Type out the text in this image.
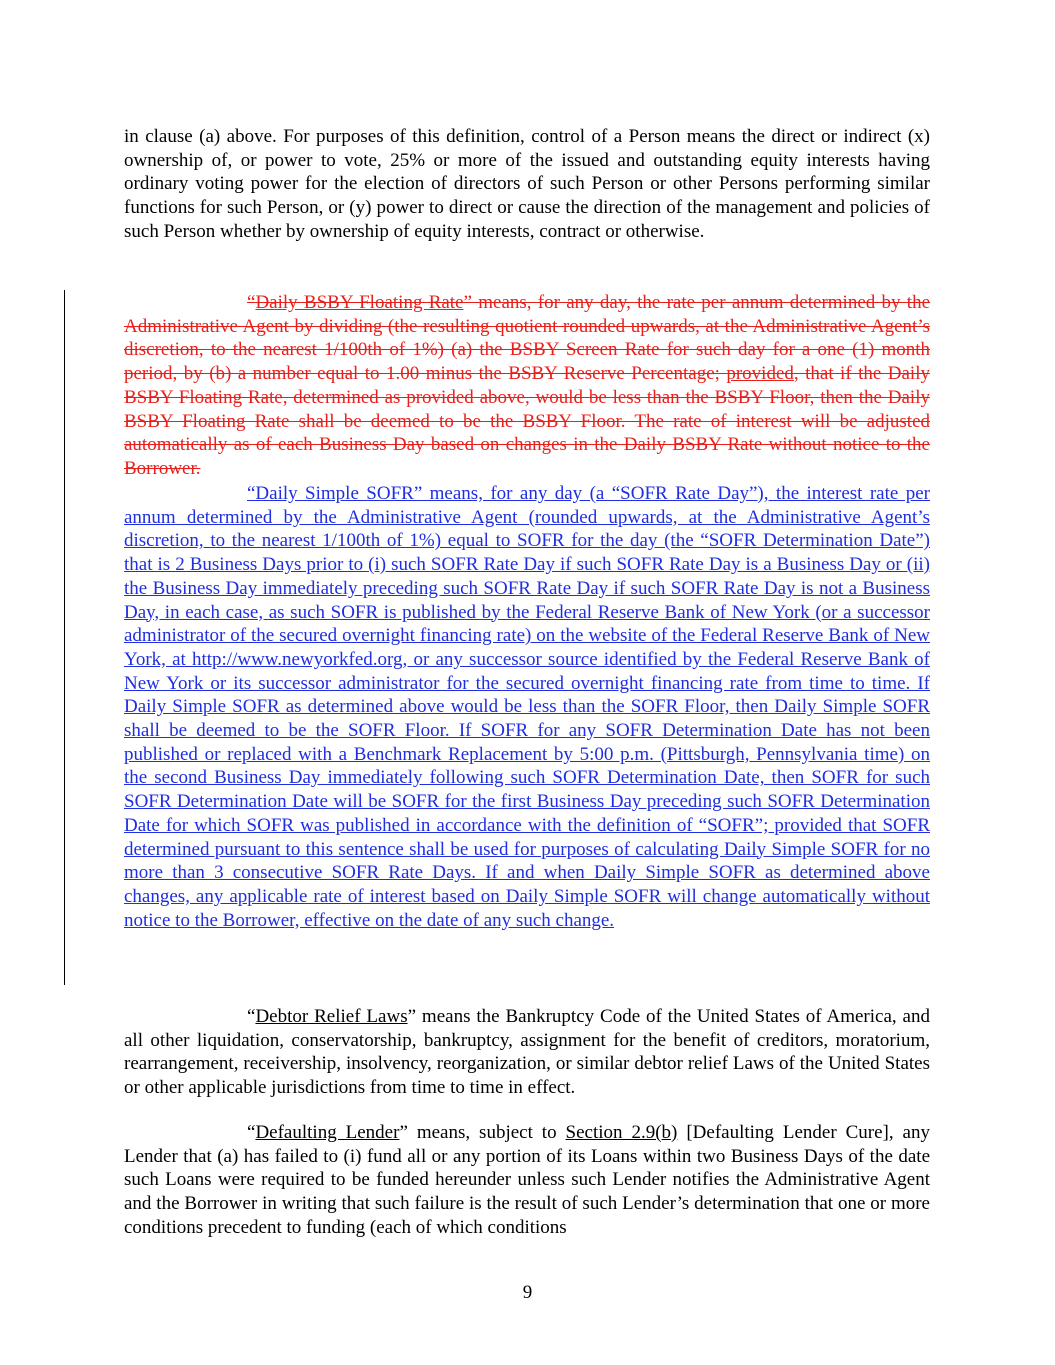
in clause (a) above. For purposes of this definition, control of a Person means the direct or indirect (x) ownership of, or power to vote, 25% or more of the issued and outstanding equity interests having ordinary voting power for the election of directors of such Person or other Persons performing similar functions for such Person, or (y) power to direct or cause the direction of the management and policies of such Person whether by ownership of equity interests, contract or otherwise.

“Daily BSBY Floating Rate” means, for any day, the rate per annum determined by the Administrative Agent by dividing (the resulting quotient rounded upwards, at the Administrative Agent’s discretion, to the nearest 1/100th of 1%) (a) the BSBY Screen Rate for such day for a one (1) month period, by (b) a number equal to 1.00 minus the BSBY Reserve Percentage; provided, that if the Daily BSBY Floating Rate, determined as provided above, would be less than the BSBY Floor, then the Daily BSBY Floating Rate shall be deemed to be the BSBY Floor. The rate of interest will be adjusted automatically as of each Business Day based on changes in the Daily BSBY Rate without notice to the Borrower.

“Daily Simple SOFR” means, for any day (a “SOFR Rate Day”), the interest rate per annum determined by the Administrative Agent (rounded upwards, at the Administrative Agent’s discretion, to the nearest 1/100th of 1%) equal to SOFR for the day (the “SOFR Determination Date”) that is 2 Business Days prior to (i) such SOFR Rate Day if such SOFR Rate Day is a Business Day or (ii) the Business Day immediately preceding such SOFR Rate Day if such SOFR Rate Day is not a Business Day, in each case, as such SOFR is published by the Federal Reserve Bank of New York (or a successor administrator of the secured overnight financing rate) on the website of the Federal Reserve Bank of New York, at http://www.newyorkfed.org, or any successor source identified by the Federal Reserve Bank of New York or its successor administrator for the secured overnight financing rate from time to time. If Daily Simple SOFR as determined above would be less than the SOFR Floor, then Daily Simple SOFR shall be deemed to be the SOFR Floor. If SOFR for any SOFR Determination Date has not been published or replaced with a Benchmark Replacement by 5:00 p.m. (Pittsburgh, Pennsylvania time) on the second Business Day immediately following such SOFR Determination Date, then SOFR for such SOFR Determination Date will be SOFR for the first Business Day preceding such SOFR Determination Date for which SOFR was published in accordance with the definition of “SOFR”; provided that SOFR determined pursuant to this sentence shall be used for purposes of calculating Daily Simple SOFR for no more than 3 consecutive SOFR Rate Days. If and when Daily Simple SOFR as determined above changes, any applicable rate of interest based on Daily Simple SOFR will change automatically without notice to the Borrower, effective on the date of any such change.

“Debtor Relief Laws” means the Bankruptcy Code of the United States of America, and all other liquidation, conservatorship, bankruptcy, assignment for the benefit of creditors, moratorium, rearrangement, receivership, insolvency, reorganization, or similar debtor relief Laws of the United States or other applicable jurisdictions from time to time in effect.

“Defaulting Lender” means, subject to Section 2.9(b) [Defaulting Lender Cure], any Lender that (a) has failed to (i) fund all or any portion of its Loans within two Business Days of the date such Loans were required to be funded hereunder unless such Lender notifies the Administrative Agent and the Borrower in writing that such failure is the result of such Lender’s determination that one or more conditions precedent to funding (each of which conditions

9
